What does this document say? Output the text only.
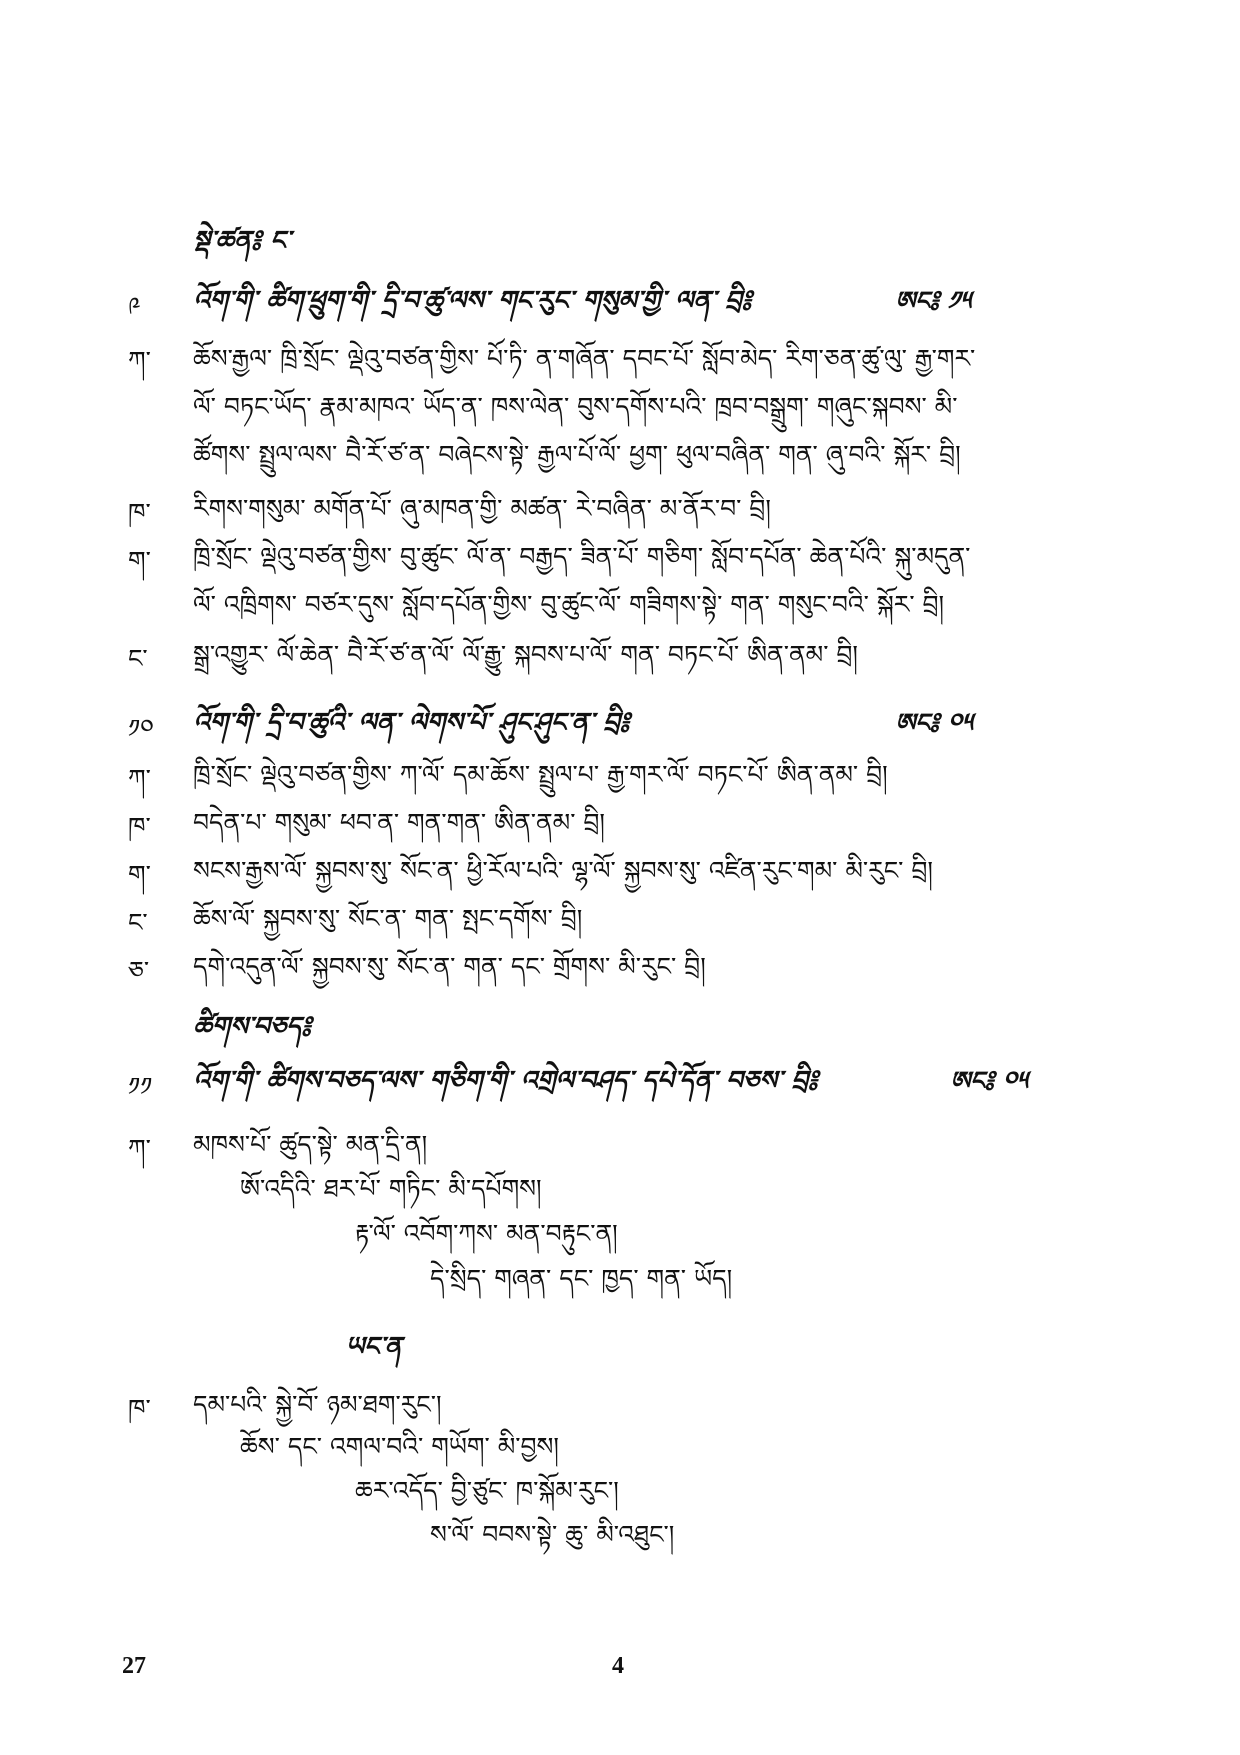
སྡེ་ཚན༔ ང་
༩ འོག་གི་ ཚིག་ཕྲུག་གི་ དྲི་བ་ཚུ་ལས་ གང་རུང་ གསུམ་གྱི་ ལན་ བྲི༔	ཨང༔ ༡༥
ཀ་ ཆོས་རྒྱལ་ ཁྲི་སྲོང་ ལྡེའུ་བཙན་གྱིས་ པོ་ཏི་ ན་གཞོན་ དབང་པོ་ སློབ་མེད་ རིག་ཅན་ཚུ་ལུ་ རྒྱ་གར་
ལོ་ བཏང་ཡོད་ རྣམ་མཁའ་ ཡོད་ན་ ཁས་ལེན་ བུས་དགོས་པའི་ ཁྲབ་བསྒྲུག་ གཞུང་སྐབས་ མི་
ཚོགས་ སྤྲུལ་ལས་ བཻ་རོ་ཙ་ན་ བཞེངས་སྟེ་ རྒྱལ་པོ་ལོ་ ཕྱག་ ཕུལ་བཞིན་ གན་ ཞུ་བའི་ སྐོར་ བྲི།
ཁ་ རིགས་གསུམ་ མགོན་པོ་ ཞུ་མཁན་གྱི་ མཚན་ རེ་བཞིན་ མ་ནོར་བ་ བྲི།
ག་ ཁྲི་སྲོང་ ལྡེའུ་བཙན་གྱིས་ བུ་ཚུང་ ལོ་ན་ བརྒྱད་ ཟིན་པོ་ གཅིག་ སློབ་དཔོན་ ཆེན་པོའི་ སྐུ་མདུན་
ལོ་ འཁྲིགས་ བཙར་དུས་ སློབ་དཔོན་གྱིས་ བུ་ཚུང་ལོ་ གཟིགས་སྟེ་ གན་ གསུང་བའི་ སྐོར་ བྲི།
ང་ སྒྲ་འགྱུར་ ལོ་ཆེན་ བཻ་རོ་ཙ་ན་ལོ་ ལོ་རྒྱུ་ སྐབས་པ་ལོ་ གན་ བཏང་པོ་ ཨིན་ནམ་ བྲི།
༡༠ འོག་གི་ དྲི་བ་ཚུའི་ ལན་ ལེགས་པོ་ ཤུང་ཤུང་ན་ བྲི༔	ཨང༔ ༠༥
ཀ་ ཁྲི་སྲོང་ ལྡེའུ་བཙན་གྱིས་ ཀ་ལོ་ དམ་ཆོས་ སྤྲུལ་པ་ རྒྱ་གར་ལོ་ བཏང་པོ་ ཨིན་ནམ་ བྲི།
ཁ་ བདེན་པ་ གསུམ་ ཕབ་ན་ གན་གན་ ཨིན་ནམ་ བྲི།
ག་ སངས་རྒྱས་ལོ་ སྐྱབས་སུ་ སོང་ན་ ཕྱི་རོལ་པའི་ ལྷ་ལོ་ སྐྱབས་སུ་ འཛིན་རུང་གམ་ མི་རུང་ བྲི།
ང་ ཆོས་ལོ་ སྐྱབས་སུ་ སོང་ན་ གན་ སྤང་དགོས་ བྲི།
ཅ་ དགེ་འདུན་ལོ་ སྐྱབས་སུ་ སོང་ན་ གན་ དང་ གྲོགས་ མི་རུང་ བྲི།
ཚིགས་བཅད༔
༡༡ འོག་གི་ ཚིགས་བཅད་ལས་ གཅིག་གི་ འགྲེལ་བཤད་ དཔེ་དོན་ བཅས་ བྲི༔	ཨང༔ ༠༥
ཀ་ མཁས་པོ་ ཚུད་སྟེ་ མན་དྲི་ན།
ཨོ་འདིའི་ ཐར་པོ་ གཏིང་ མི་དཔོགས།
རྟ་ལོ་ འབོག་ཀས་ མན་བརྟུང་ན།
དེ་སྲིད་ གཞན་ དང་ ཁྱད་ གན་ ཡོད།
ཡང་ན
ཁ་ དམ་པའི་ སྐྱེ་བོ་ ཉམ་ཐག་རུང་།
ཆོས་ དང་ འགལ་བའི་ གཡོག་ མི་བྱས།
ཆར་འདོད་ བྱི་ཙུང་ ཁ་སྐོམ་རུང་།
ས་ལོ་ བབས་སྟེ་ ཆུ་ མི་འཐུང་།
27	4
